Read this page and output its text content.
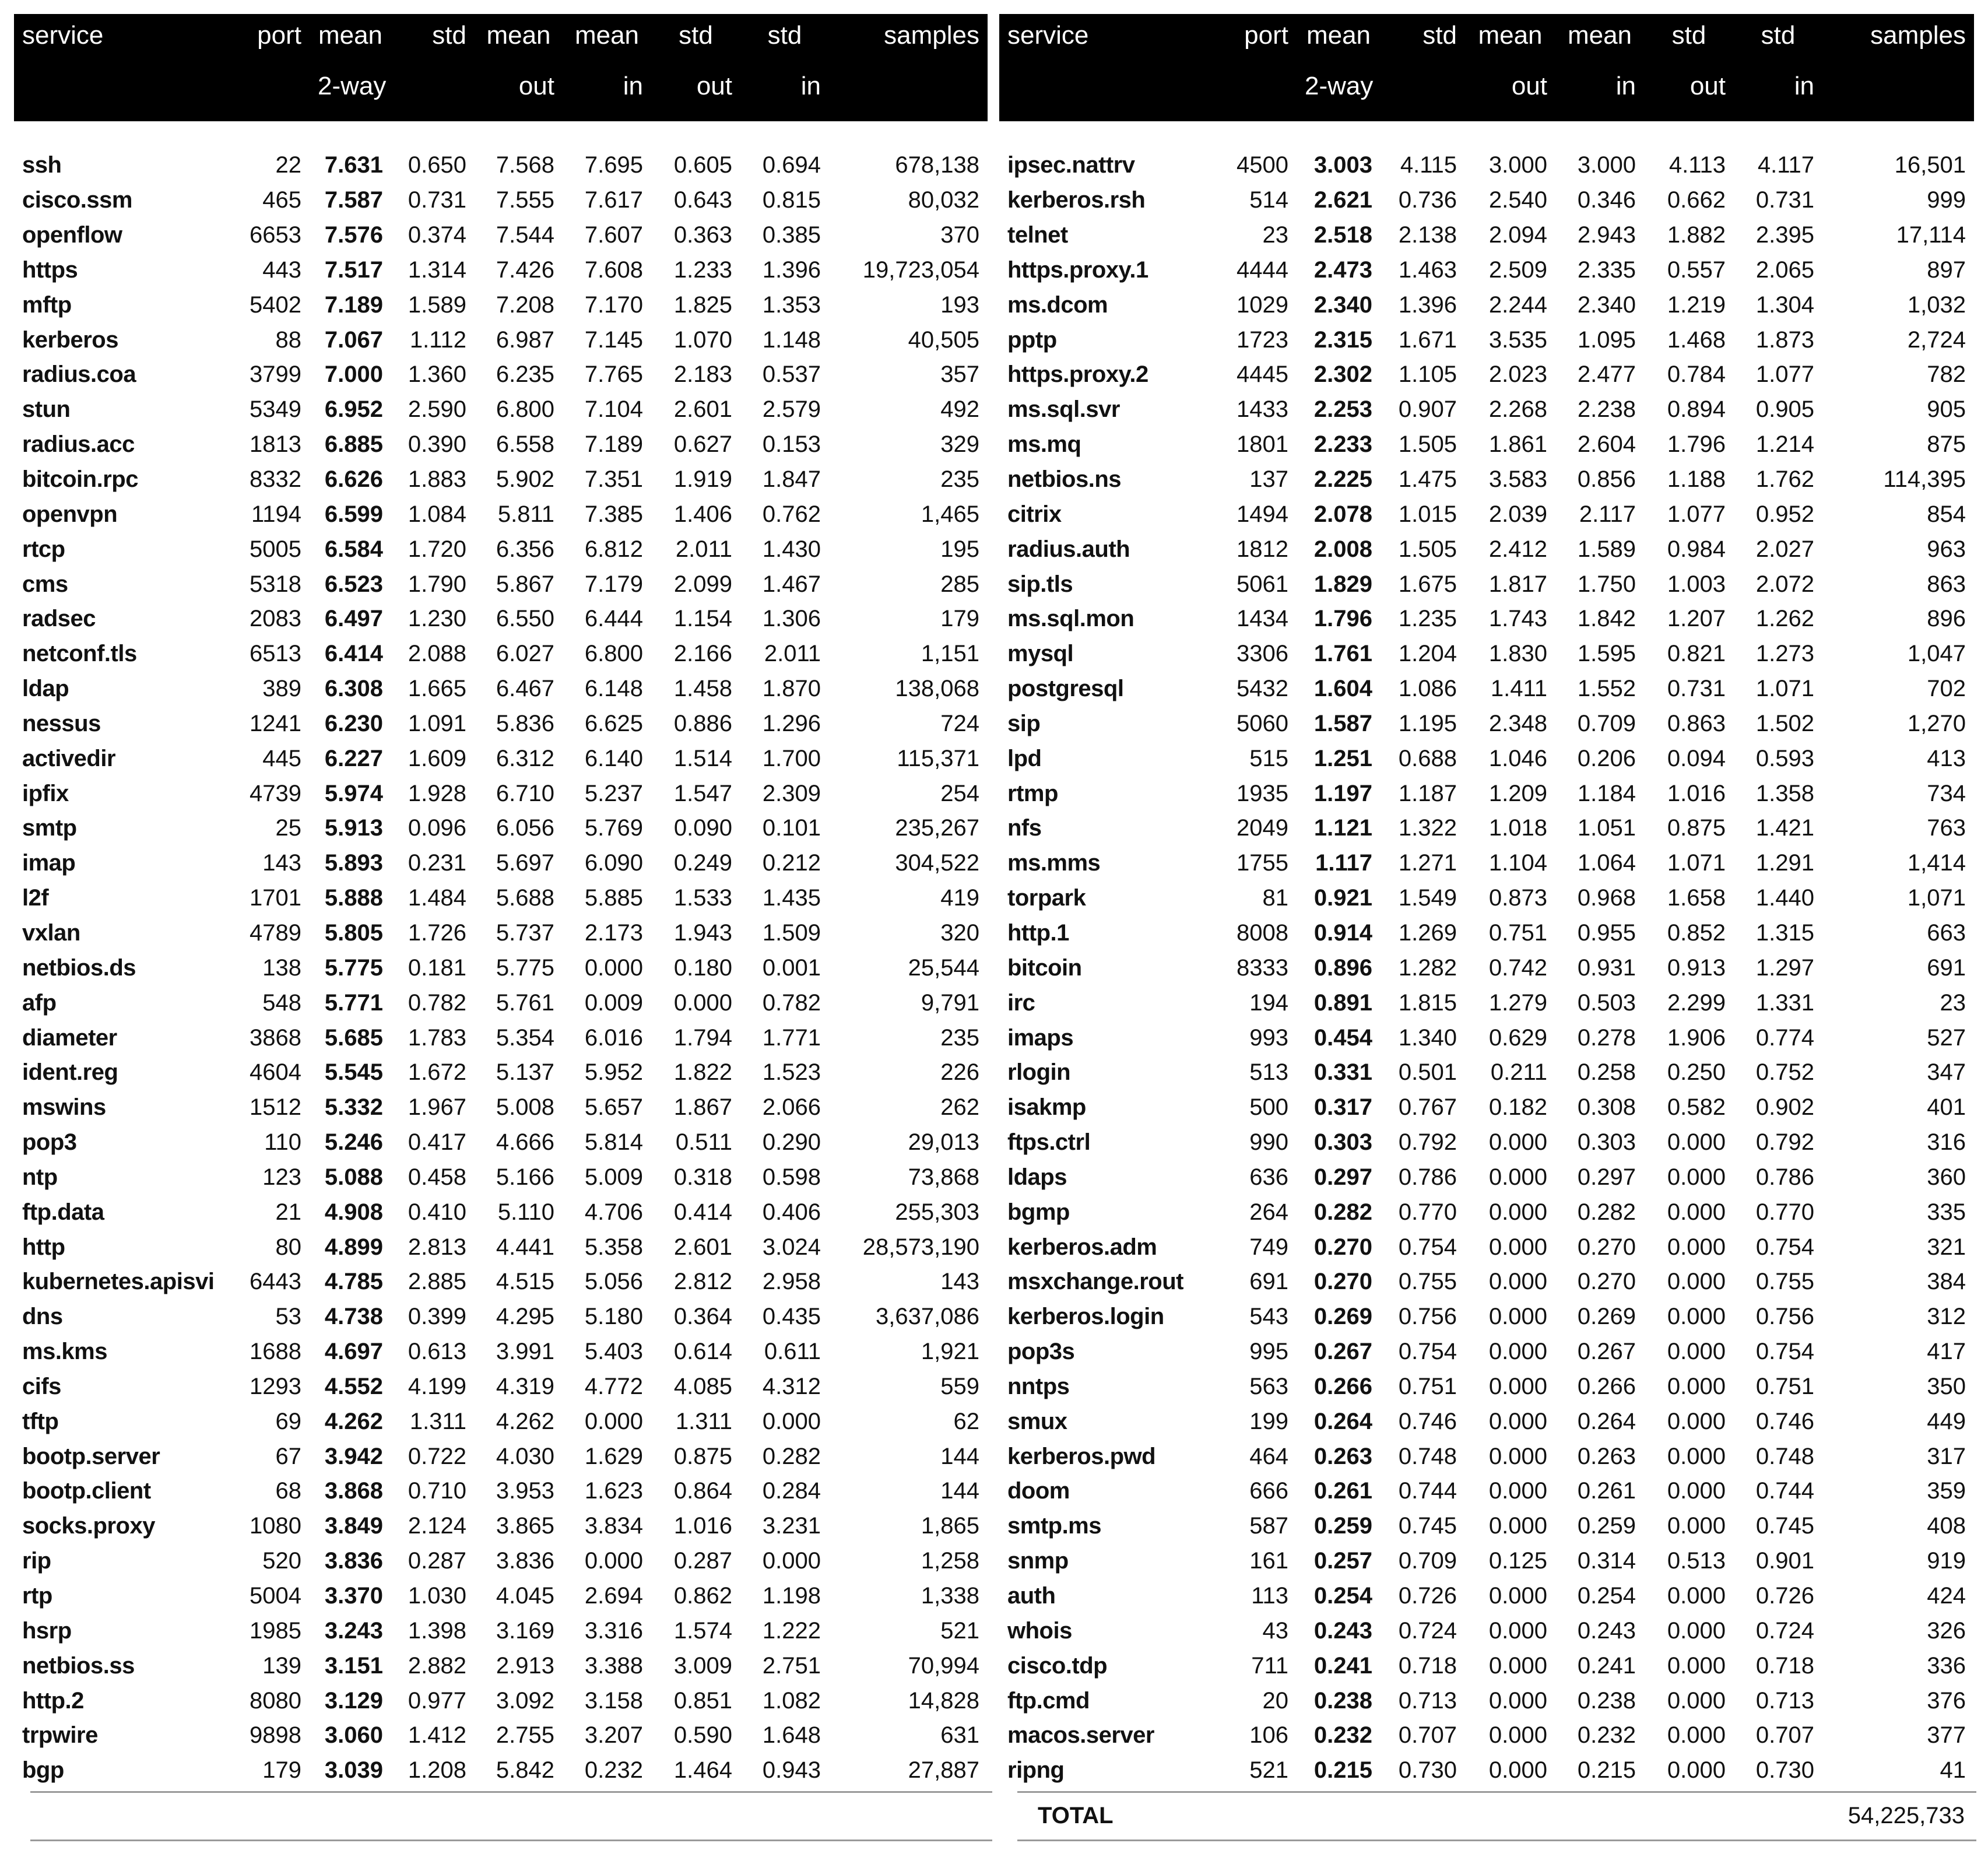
service	port	mean	std	mean	mean	std	std	samples
		2-way		out	in	out	in	

ssh	22	7.631	0.650	7.568	7.695	0.605	0.694	678,138
cisco.ssm	465	7.587	0.731	7.555	7.617	0.643	0.815	80,032
openflow	6653	7.576	0.374	7.544	7.607	0.363	0.385	370
https	443	7.517	1.314	7.426	7.608	1.233	1.396	19,723,054
mftp	5402	7.189	1.589	7.208	7.170	1.825	1.353	193
kerberos	88	7.067	1.112	6.987	7.145	1.070	1.148	40,505
radius.coa	3799	7.000	1.360	6.235	7.765	2.183	0.537	357
stun	5349	6.952	2.590	6.800	7.104	2.601	2.579	492
radius.acc	1813	6.885	0.390	6.558	7.189	0.627	0.153	329
bitcoin.rpc	8332	6.626	1.883	5.902	7.351	1.919	1.847	235
openvpn	1194	6.599	1.084	5.811	7.385	1.406	0.762	1,465
rtcp	5005	6.584	1.720	6.356	6.812	2.011	1.430	195
cms	5318	6.523	1.790	5.867	7.179	2.099	1.467	285
radsec	2083	6.497	1.230	6.550	6.444	1.154	1.306	179
netconf.tls	6513	6.414	2.088	6.027	6.800	2.166	2.011	1,151
ldap	389	6.308	1.665	6.467	6.148	1.458	1.870	138,068
nessus	1241	6.230	1.091	5.836	6.625	0.886	1.296	724
activedir	445	6.227	1.609	6.312	6.140	1.514	1.700	115,371
ipfix	4739	5.974	1.928	6.710	5.237	1.547	2.309	254
smtp	25	5.913	0.096	6.056	5.769	0.090	0.101	235,267
imap	143	5.893	0.231	5.697	6.090	0.249	0.212	304,522
l2f	1701	5.888	1.484	5.688	5.885	1.533	1.435	419
vxlan	4789	5.805	1.726	5.737	2.173	1.943	1.509	320
netbios.ds	138	5.775	0.181	5.775	0.000	0.180	0.001	25,544
afp	548	5.771	0.782	5.761	0.009	0.000	0.782	9,791
diameter	3868	5.685	1.783	5.354	6.016	1.794	1.771	235
ident.reg	4604	5.545	1.672	5.137	5.952	1.822	1.523	226
mswins	1512	5.332	1.967	5.008	5.657	1.867	2.066	262
pop3	110	5.246	0.417	4.666	5.814	0.511	0.290	29,013
ntp	123	5.088	0.458	5.166	5.009	0.318	0.598	73,868
ftp.data	21	4.908	0.410	5.110	4.706	0.414	0.406	255,303
http	80	4.899	2.813	4.441	5.358	2.601	3.024	28,573,190
kubernetes.apisvi	6443	4.785	2.885	4.515	5.056	2.812	2.958	143
dns	53	4.738	0.399	4.295	5.180	0.364	0.435	3,637,086
ms.kms	1688	4.697	0.613	3.991	5.403	0.614	0.611	1,921
cifs	1293	4.552	4.199	4.319	4.772	4.085	4.312	559
tftp	69	4.262	1.311	4.262	0.000	1.311	0.000	62
bootp.server	67	3.942	0.722	4.030	1.629	0.875	0.282	144
bootp.client	68	3.868	0.710	3.953	1.623	0.864	0.284	144
socks.proxy	1080	3.849	2.124	3.865	3.834	1.016	3.231	1,865
rip	520	3.836	0.287	3.836	0.000	0.287	0.000	1,258
rtp	5004	3.370	1.030	4.045	2.694	0.862	1.198	1,338
hsrp	1985	3.243	1.398	3.169	3.316	1.574	1.222	521
netbios.ss	139	3.151	2.882	2.913	3.388	3.009	2.751	70,994
http.2	8080	3.129	0.977	3.092	3.158	0.851	1.082	14,828
trpwire	9898	3.060	1.412	2.755	3.207	0.590	1.648	631
bgp	179	3.039	1.208	5.842	0.232	1.464	0.943	27,887
service	port	mean	std	mean	mean	std	std	samples
		2-way		out	in	out	in	

ipsec.nattrv	4500	3.003	4.115	3.000	3.000	4.113	4.117	16,501
kerberos.rsh	514	2.621	0.736	2.540	0.346	0.662	0.731	999
telnet	23	2.518	2.138	2.094	2.943	1.882	2.395	17,114
https.proxy.1	4444	2.473	1.463	2.509	2.335	0.557	2.065	897
ms.dcom	1029	2.340	1.396	2.244	2.340	1.219	1.304	1,032
pptp	1723	2.315	1.671	3.535	1.095	1.468	1.873	2,724
https.proxy.2	4445	2.302	1.105	2.023	2.477	0.784	1.077	782
ms.sql.svr	1433	2.253	0.907	2.268	2.238	0.894	0.905	905
ms.mq	1801	2.233	1.505	1.861	2.604	1.796	1.214	875
netbios.ns	137	2.225	1.475	3.583	0.856	1.188	1.762	114,395
citrix	1494	2.078	1.015	2.039	2.117	1.077	0.952	854
radius.auth	1812	2.008	1.505	2.412	1.589	0.984	2.027	963
sip.tls	5061	1.829	1.675	1.817	1.750	1.003	2.072	863
ms.sql.mon	1434	1.796	1.235	1.743	1.842	1.207	1.262	896
mysql	3306	1.761	1.204	1.830	1.595	0.821	1.273	1,047
postgresql	5432	1.604	1.086	1.411	1.552	0.731	1.071	702
sip	5060	1.587	1.195	2.348	0.709	0.863	1.502	1,270
lpd	515	1.251	0.688	1.046	0.206	0.094	0.593	413
rtmp	1935	1.197	1.187	1.209	1.184	1.016	1.358	734
nfs	2049	1.121	1.322	1.018	1.051	0.875	1.421	763
ms.mms	1755	1.117	1.271	1.104	1.064	1.071	1.291	1,414
torpark	81	0.921	1.549	0.873	0.968	1.658	1.440	1,071
http.1	8008	0.914	1.269	0.751	0.955	0.852	1.315	663
bitcoin	8333	0.896	1.282	0.742	0.931	0.913	1.297	691
irc	194	0.891	1.815	1.279	0.503	2.299	1.331	23
imaps	993	0.454	1.340	0.629	0.278	1.906	0.774	527
rlogin	513	0.331	0.501	0.211	0.258	0.250	0.752	347
isakmp	500	0.317	0.767	0.182	0.308	0.582	0.902	401
ftps.ctrl	990	0.303	0.792	0.000	0.303	0.000	0.792	316
ldaps	636	0.297	0.786	0.000	0.297	0.000	0.786	360
bgmp	264	0.282	0.770	0.000	0.282	0.000	0.770	335
kerberos.adm	749	0.270	0.754	0.000	0.270	0.000	0.754	321
msxchange.rout	691	0.270	0.755	0.000	0.270	0.000	0.755	384
kerberos.login	543	0.269	0.756	0.000	0.269	0.000	0.756	312
pop3s	995	0.267	0.754	0.000	0.267	0.000	0.754	417
nntps	563	0.266	0.751	0.000	0.266	0.000	0.751	350
smux	199	0.264	0.746	0.000	0.264	0.000	0.746	449
kerberos.pwd	464	0.263	0.748	0.000	0.263	0.000	0.748	317
doom	666	0.261	0.744	0.000	0.261	0.000	0.744	359
smtp.ms	587	0.259	0.745	0.000	0.259	0.000	0.745	408
snmp	161	0.257	0.709	0.125	0.314	0.513	0.901	919
auth	113	0.254	0.726	0.000	0.254	0.000	0.726	424
whois	43	0.243	0.724	0.000	0.243	0.000	0.724	326
cisco.tdp	711	0.241	0.718	0.000	0.241	0.000	0.718	336
ftp.cmd	20	0.238	0.713	0.000	0.238	0.000	0.713	376
macos.server	106	0.232	0.707	0.000	0.232	0.000	0.707	377
ripng	521	0.215	0.730	0.000	0.215	0.000	0.730	41
TOTAL	54,225,733
